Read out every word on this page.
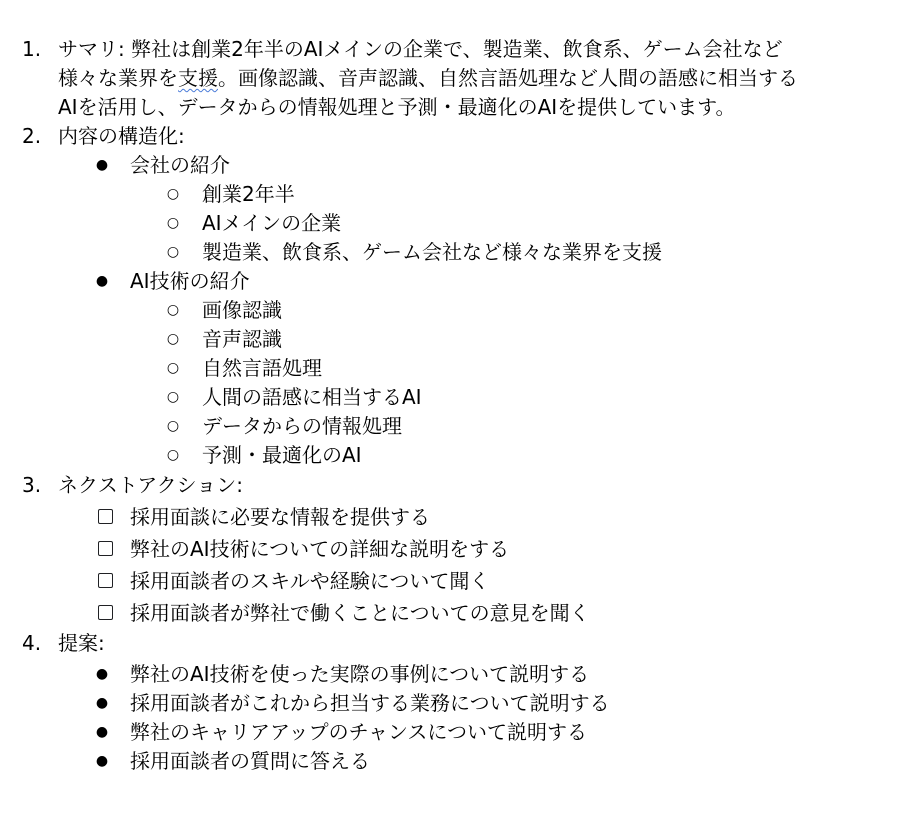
1. サマリ: 弊社は創業2年半のAIメインの企業で、製造業、飲食系、ゲーム会社など
様々な業界を支援。画像認識、音声認識、自然言語処理など人間の語感に相当する
AIを活用し、データからの情報処理と予測・最適化のAIを提供しています。
2. 内容の構造化:
● 会社の紹介
○ 創業2年半
○ AIメインの企業
○ 製造業、飲食系、ゲーム会社など様々な業界を支援
● AI技術の紹介
○ 画像認識
○ 音声認識
○ 自然言語処理
○ 人間の語感に相当するAI
○ データからの情報処理
○ 予測・最適化のAI
3. ネクストアクション:
採用面談に必要な情報を提供する
弊社のAI技術についての詳細な説明をする
採用面談者のスキルや経験について聞く
採用面談者が弊社で働くことについての意見を聞く
4. 提案:
● 弊社のAI技術を使った実際の事例について説明する
● 採用面談者がこれから担当する業務について説明する
● 弊社のキャリアアップのチャンスについて説明する
● 採用面談者の質問に答える
